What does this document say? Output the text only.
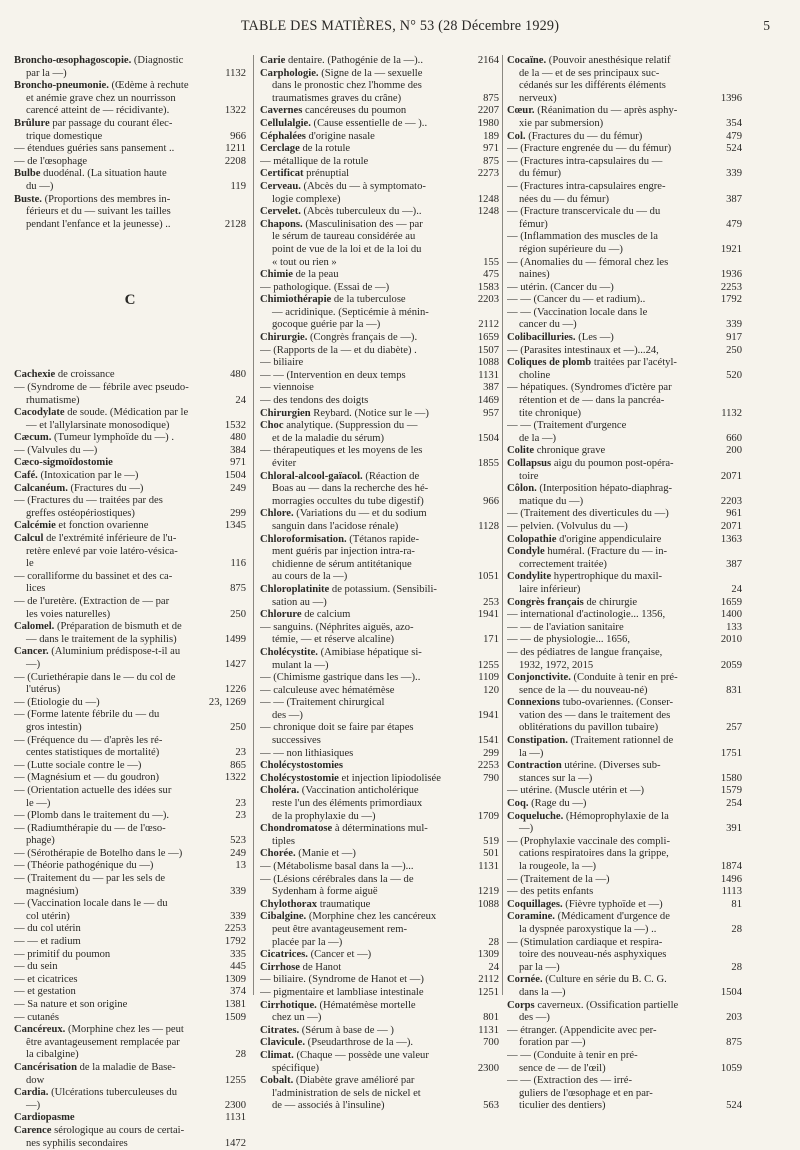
TABLE DES MATIÈRES, N° 53 (28 Décembre 1929)	5
Broncho-œsophagoscopie. (Diagnostic
par la —)	1132
Broncho-pneumonie. (Œdème à rechute
et anémie grave chez un nourrisson
carencé atteint de — récidivante).	1322
Brûlure par passage du courant élec-
trique domestique	966
— étendues guéries sans pansement ..	1211
— de l'œsophage	2208
Bulbe duodénal. (La situation haute
du —)	119
Buste. (Proportions des membres in-
férieurs et du — suivant les tailles
pendant l'enfance et la jeunesse) ..	2128
C
Cachexie de croissance	480
— (Syndrome de — fébrile avec pseudo-
rhumatisme)	24
Cacodylate de soude. (Médication par le
— et l'allylarsinate monosodique)	1532
Cæcum. (Tumeur lymphoïde du —) .	480
— (Valvules du —)	384
Cæco-sigmoïdostomie	971
Café. (Intoxication par le —)	1504
Calcanéum. (Fractures du —)	249
— (Fractures du — traitées par des
greffes ostéopériostiques)	299
Calcémie et fonction ovarienne	1345
Calcul de l'extrémité inférieure de l'u-
retère enlevé par voie latéro-vésica-
le	116
— coralliforme du bassinet et des ca-
lices	875
— de l'uretère. (Extraction de — par
les voies naturelles)	250
Calomel. (Préparation de bismuth et de
— dans le traitement de la syphilis)	1499
Cancer. (Aluminium prédispose-t-il au
—)	1427
— (Curiethérapie dans le — du col de
l'utérus)	1226
— (Étiologie du —)	23, 1269
— (Forme latente fébrile du — du
gros intestin)	250
— (Fréquence du — d'après les ré-
centes statistiques de mortalité)	23
— (Lutte sociale contre le —)	865
— (Magnésium et — du goudron)	1322
— (Orientation actuelle des idées sur
le —)	23
— (Plomb dans le traitement du —).	23
— (Radiumthérapie du — de l'œso-
phage)	523
— (Sérothérapie de Botelho dans le —)	249
— (Théorie pathogénique du —)	13
— (Traitement du — par les sels de
magnésium)	339
— (Vaccination locale dans le — du
col utérin)	339
— du col utérin	2253
— — et radium	1792
— primitif du poumon	335
— du sein	445
— et cicatrices	1309
— et gestation	374
— Sa nature et son origine	1381
— cutanés	1509
Cancéreux. (Morphine chez les — peut
être avantageusement remplacée par
la cibalgine)	28
Cancérisation de la maladie de Base-
dow	1255
Cardia. (Ulcérations tuberculeuses du
—)	2300
Cardiopasme	1131
Carence sérologique au cours de certai-
nes syphilis secondaires	1472
Carie dentaire. (Pathogénie de la —)..	2164
Carphologie. (Signe de la — sexuelle
dans le pronostic chez l'homme des
traumatismes graves du crâne)	875
Cavernes cancéreuses du poumon	2207
Cellulalgie. (Cause essentielle de — )..	1980
Céphalées d'origine nasale	189
Cerclage de la rotule	971
— métallique de la rotule	875
Certificat prénuptial	2273
Cerveau. (Abcès du — à symptomato-
logie complexe)	1248
Cervelet. (Abcès tuberculeux du —)..	1248
Chapons. (Masculinisation des — par
le sérum de taureau considérée au
point de vue de la loi et de la loi du
« tout ou rien »	155
Chimie de la peau	475
— pathologique. (Essai de —)	1583
Chimiothérapie de la tuberculose	2203
— acridinique. (Septicémie à ménin-
gocoque guérie par la —)	2112
Chirurgie. (Congrès français de —).	1659
— (Rapports de la — et du diabète) .	1507
— biliaire	1088
— — (Intervention en deux temps	1131
— viennoise	387
— des tendons des doigts	1469
Chirurgien Reybard. (Notice sur le —)	957
Choc analytique. (Suppression du —
et de la maladie du sérum)	1504
— thérapeutiques et les moyens de les
éviter	1855
Chloral-alcool-gaïacol. (Réaction de
Boas au — dans la recherche des hé-
morragies occultes du tube digestif)	966
Chlore. (Variations du — et du sodium
sanguin dans l'acidose rénale)	1128
Chloroformisation. (Tétanos rapide-
ment guéris par injection intra-ra-
chidienne de sérum antitétanique
au cours de la —)	1051
Chloroplatinite de potassium. (Sensibili-
sation au —)	253
Chlorure de calcium	1941
— sanguins. (Néphrites aiguës, azo-
témie, — et réserve alcaline)	171
Cholécystite. (Amibiase hépatique si-
mulant la —)	1255
— (Chimisme gastrique dans les —)..	1109
— calculeuse avec hématémèse	120
— — (Traitement chirurgical
des —)	1941
— chronique doit se faire par étapes
successives	1541
— — non lithiasiques	299
Cholécystostomies	2253
Cholécystostomie et injection lipiodolisée	790
Choléra. (Vaccination anticholérique
reste l'un des éléments primordiaux
de la prophylaxie du —)	1709
Chondromatose à déterminations mul-
tiples	519
Chorée. (Manie et —)	501
— (Métabolisme basal dans la —)...	1131
— (Lésions cérébrales dans la — de
Sydenham à forme aiguë	1219
Chylothorax traumatique	1088
Cibalgine. (Morphine chez les cancéreux
peut être avantageusement rem-
placée par la —)	28
Cicatrices. (Cancer et —)	1309
Cirrhose de Hanot	24
— biliaire. (Syndrome de Hanot et —)	2112
— pigmentaire et lambliase intestinale	1251
Cirrhotique. (Hématémèse mortelle
chez un —)	801
Citrates. (Sérum à base de — )	1131
Clavicule. (Pseudarthrose de la —).	700
Climat. (Chaque — possède une valeur
spécifique)	2300
Cobalt. (Diabète grave amélioré par
l'administration de sels de nickel et
de — associés à l'insuline)	563
Cocaïne. (Pouvoir anesthésique relatif
de la — et de ses principaux suc-
cédanés sur les différents éléments
nerveux)	1396
Cœur. (Réanimation du — après asphy-
xie par submersion)	354
Col. (Fractures du — du fémur)	479
— (Fracture engrenée du — du fémur)	524
— (Fractures intra-capsulaires du —
du fémur)	339
— (Fractures intra-capsulaires engre-
nées du — du fémur)	387
— (Fracture transcervicale du — du
fémur)	479
— (Inflammation des muscles de la
région supérieure du —)	1921
— (Anomalies du — fémoral chez les
naines)	1936
— utérin. (Cancer du —)	2253
— — (Cancer du — et radium)..	1792
— — (Vaccination locale dans le
cancer du —)	339
Colibacilluries. (Les —)	917
— (Parasites intestinaux et —)...24,	250
Coliques de plomb traitées par l'acétyl-
choline	520
— hépatiques. (Syndromes d'ictère par
rétention et de — dans la pancréa-
tite chronique)	1132
— — (Traitement d'urgence
de la —)	660
Colite chronique grave	200
Collapsus aigu du poumon post-opéra-
toire	2071
Côlon. (Interposition hépato-diaphrag-
matique du —)	2203
— (Traitement des diverticules du —)	961
— pelvien. (Volvulus du —)	2071
Colopathie d'origine appendiculaire	1363
Condyle huméral. (Fracture du — in-
correctement traitée)	387
Condylite hypertrophique du maxil-
laire inférieur)	24
Congrès français de chirurgie	1659
— international d'actinologie... 1356,	1400
— — de l'aviation sanitaire	133
— — de physiologie... 1656,	2010
— des pédiatres de langue française,
1932, 1972, 2015	2059
Conjonctivite. (Conduite à tenir en pré-
sence de la — du nouveau-né)	831
Connexions tubo-ovariennes. (Conser-
vation des — dans le traitement des
oblitérations du pavillon tubaire)	257
Constipation. (Traitement rationnel de
la —)	1751
Contraction utérine. (Diverses sub-
stances sur la —)	1580
— utérine. (Muscle utérin et —)	1579
Coq. (Rage du —)	254
Coqueluche. (Hémoprophylaxie de la
—)	391
— (Prophylaxie vaccinale des compli-
cations respiratoires dans la grippe,
la rougeole, la —)	1874
— (Traitement de la —)	1496
— des petits enfants	1113
Coquillages. (Fièvre typhoïde et —)	81
Coramine. (Médicament d'urgence de
la dyspnée paroxystique la —) ..	28
— (Stimulation cardiaque et respira-
toire des nouveau-nés asphyxiques
par la —)	28
Cornée. (Culture en série du B. C. G.
dans la —)	1504
Corps caverneux. (Ossification partielle
des —)	203
— étranger. (Appendicite avec per-
foration par —)	875
— — (Conduite à tenir en pré-
sence de — de l'œil)	1059
— — (Extraction des — irré-
guliers de l'œsophage et en par-
ticulier des dentiers)	524
